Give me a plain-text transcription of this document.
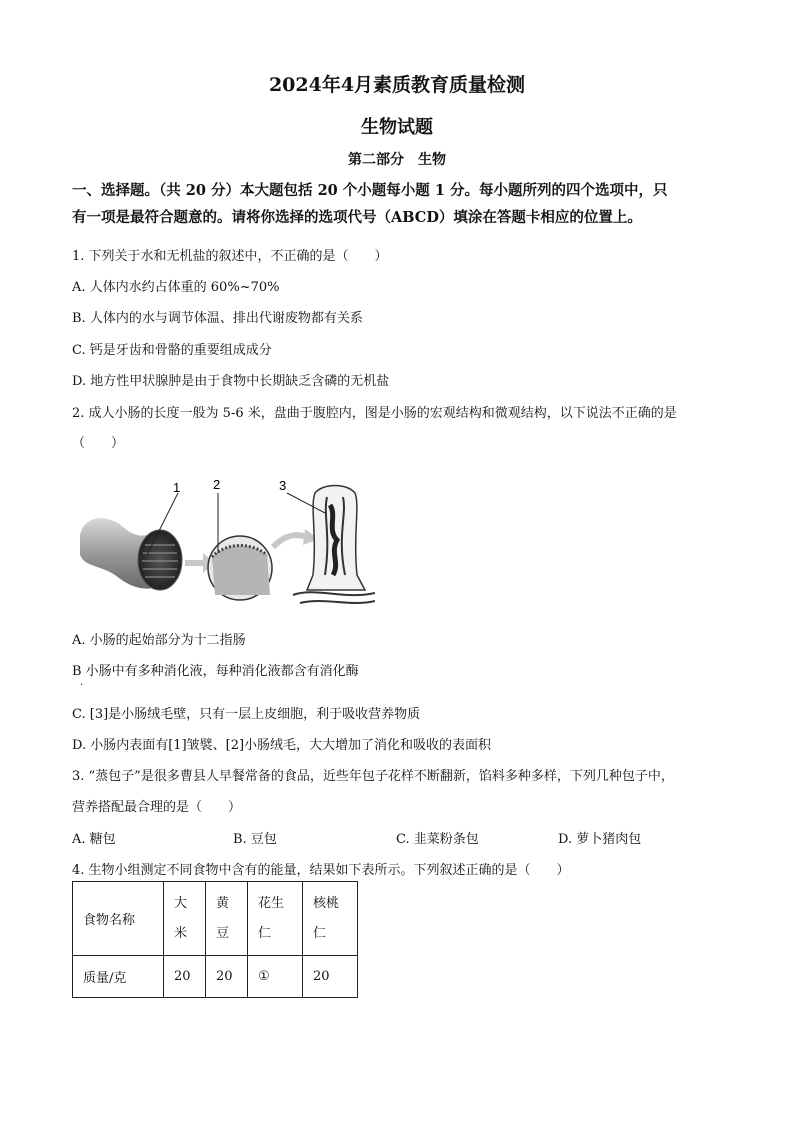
2024年4月素质教育质量检测
生物试题
第二部分　生物
一、选择题。（共 20 分）本大题包括 20 个小题每小题 1 分。每小题所列的四个选项中，只
有一项是最符合题意的。请将你选择的选项代号（ABCD）填涂在答题卡相应的位置上。
1. 下列关于水和无机盐的叙述中，不正确的是（　　）
A. 人体内水约占体重的 60%~70%
B. 人体内的水与调节体温、排出代谢废物都有关系
C. 钙是牙齿和骨骼的重要组成成分
D. 地方性甲状腺肿是由于食物中长期缺乏含磷的无机盐
2. 成人小肠的长度一般为 5-6 米，盘曲于腹腔内，图是小肠的宏观结构和微观结构，以下说法不正确的是
（　　）
1	2	3
A. 小肠的起始部分为十二指肠
B 小肠中有多种消化液，每种消化液都含有消化酶
·
C. [3]是小肠绒毛壁，只有一层上皮细胞，利于吸收营养物质
D. 小肠内表面有[1]皱襞、[2]小肠绒毛，大大增加了消化和吸收的表面积
3. “蒸包子”是很多曹县人早餐常备的食品，近些年包子花样不断翻新，馅料多种多样，下列几种包子中，
营养搭配最合理的是（　　）
A. 糖包	B. 豆包	C. 韭菜粉条包	D. 萝卜猪肉包
4. 生物小组测定不同食物中含有的能量，结果如下表所示。下列叙述正确的是（　　）
食物名称	大米	黄豆	花生仁	核桃仁
质量/克	20	20	①	20
